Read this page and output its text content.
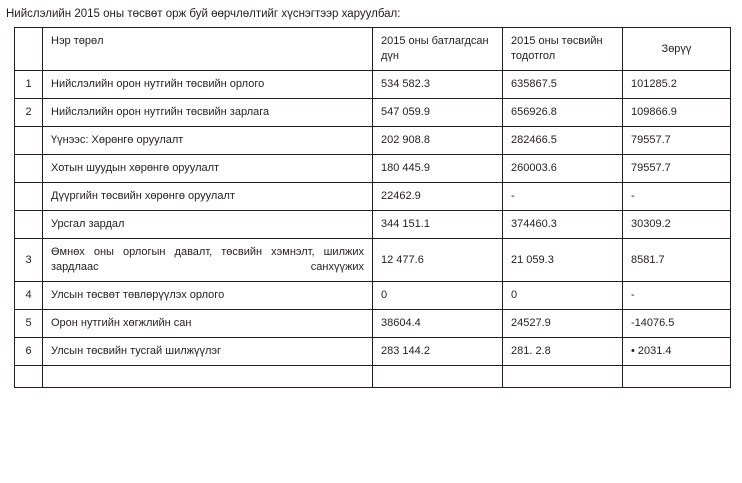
Нийслэлийн 2015 оны төсвөт орж буй өөрчлөлтийг хүснэгтээр харуулбал:
	Нэр төрөл	2015 оны батлагдсан дүн	2015 оны төсвийн тодотгол	Зөрүү
1	Нийслэлийн орон нутгийн төсвийн орлого	534 582.3	635867.5	101285.2
2	Нийслэлийн орон нутгийн төсвийн зарлага	547 059.9	656926.8	109866.9
	Үүнээс: Хөрөнгө оруулалт	202 908.8	282466.5	79557.7
	Хотын шуудын хөрөнгө оруулалт	180 445.9	260003.6	79557.7
	Дүүргийн төсвийн хөрөнгө оруулалт	22462.9	-	-
	Урсгал зардал	344 151.1	374460.3	30309.2
3	Өмнөх оны орлогын давалт, төсвийн хэмнэлт, шилжих зардлаас санхүүжих	12 477.6	21 059.3	8581.7
4	Улсын төсвөт төвлөрүүлэх орлого	0	0	-
5	Орон нутгийн хөгжлийн сан	38604.4	24527.9	-14076.5
6	Улсын төсвийн тусгай шилжүүлэг	283 144.2	281. 2.8	• 2031.4
